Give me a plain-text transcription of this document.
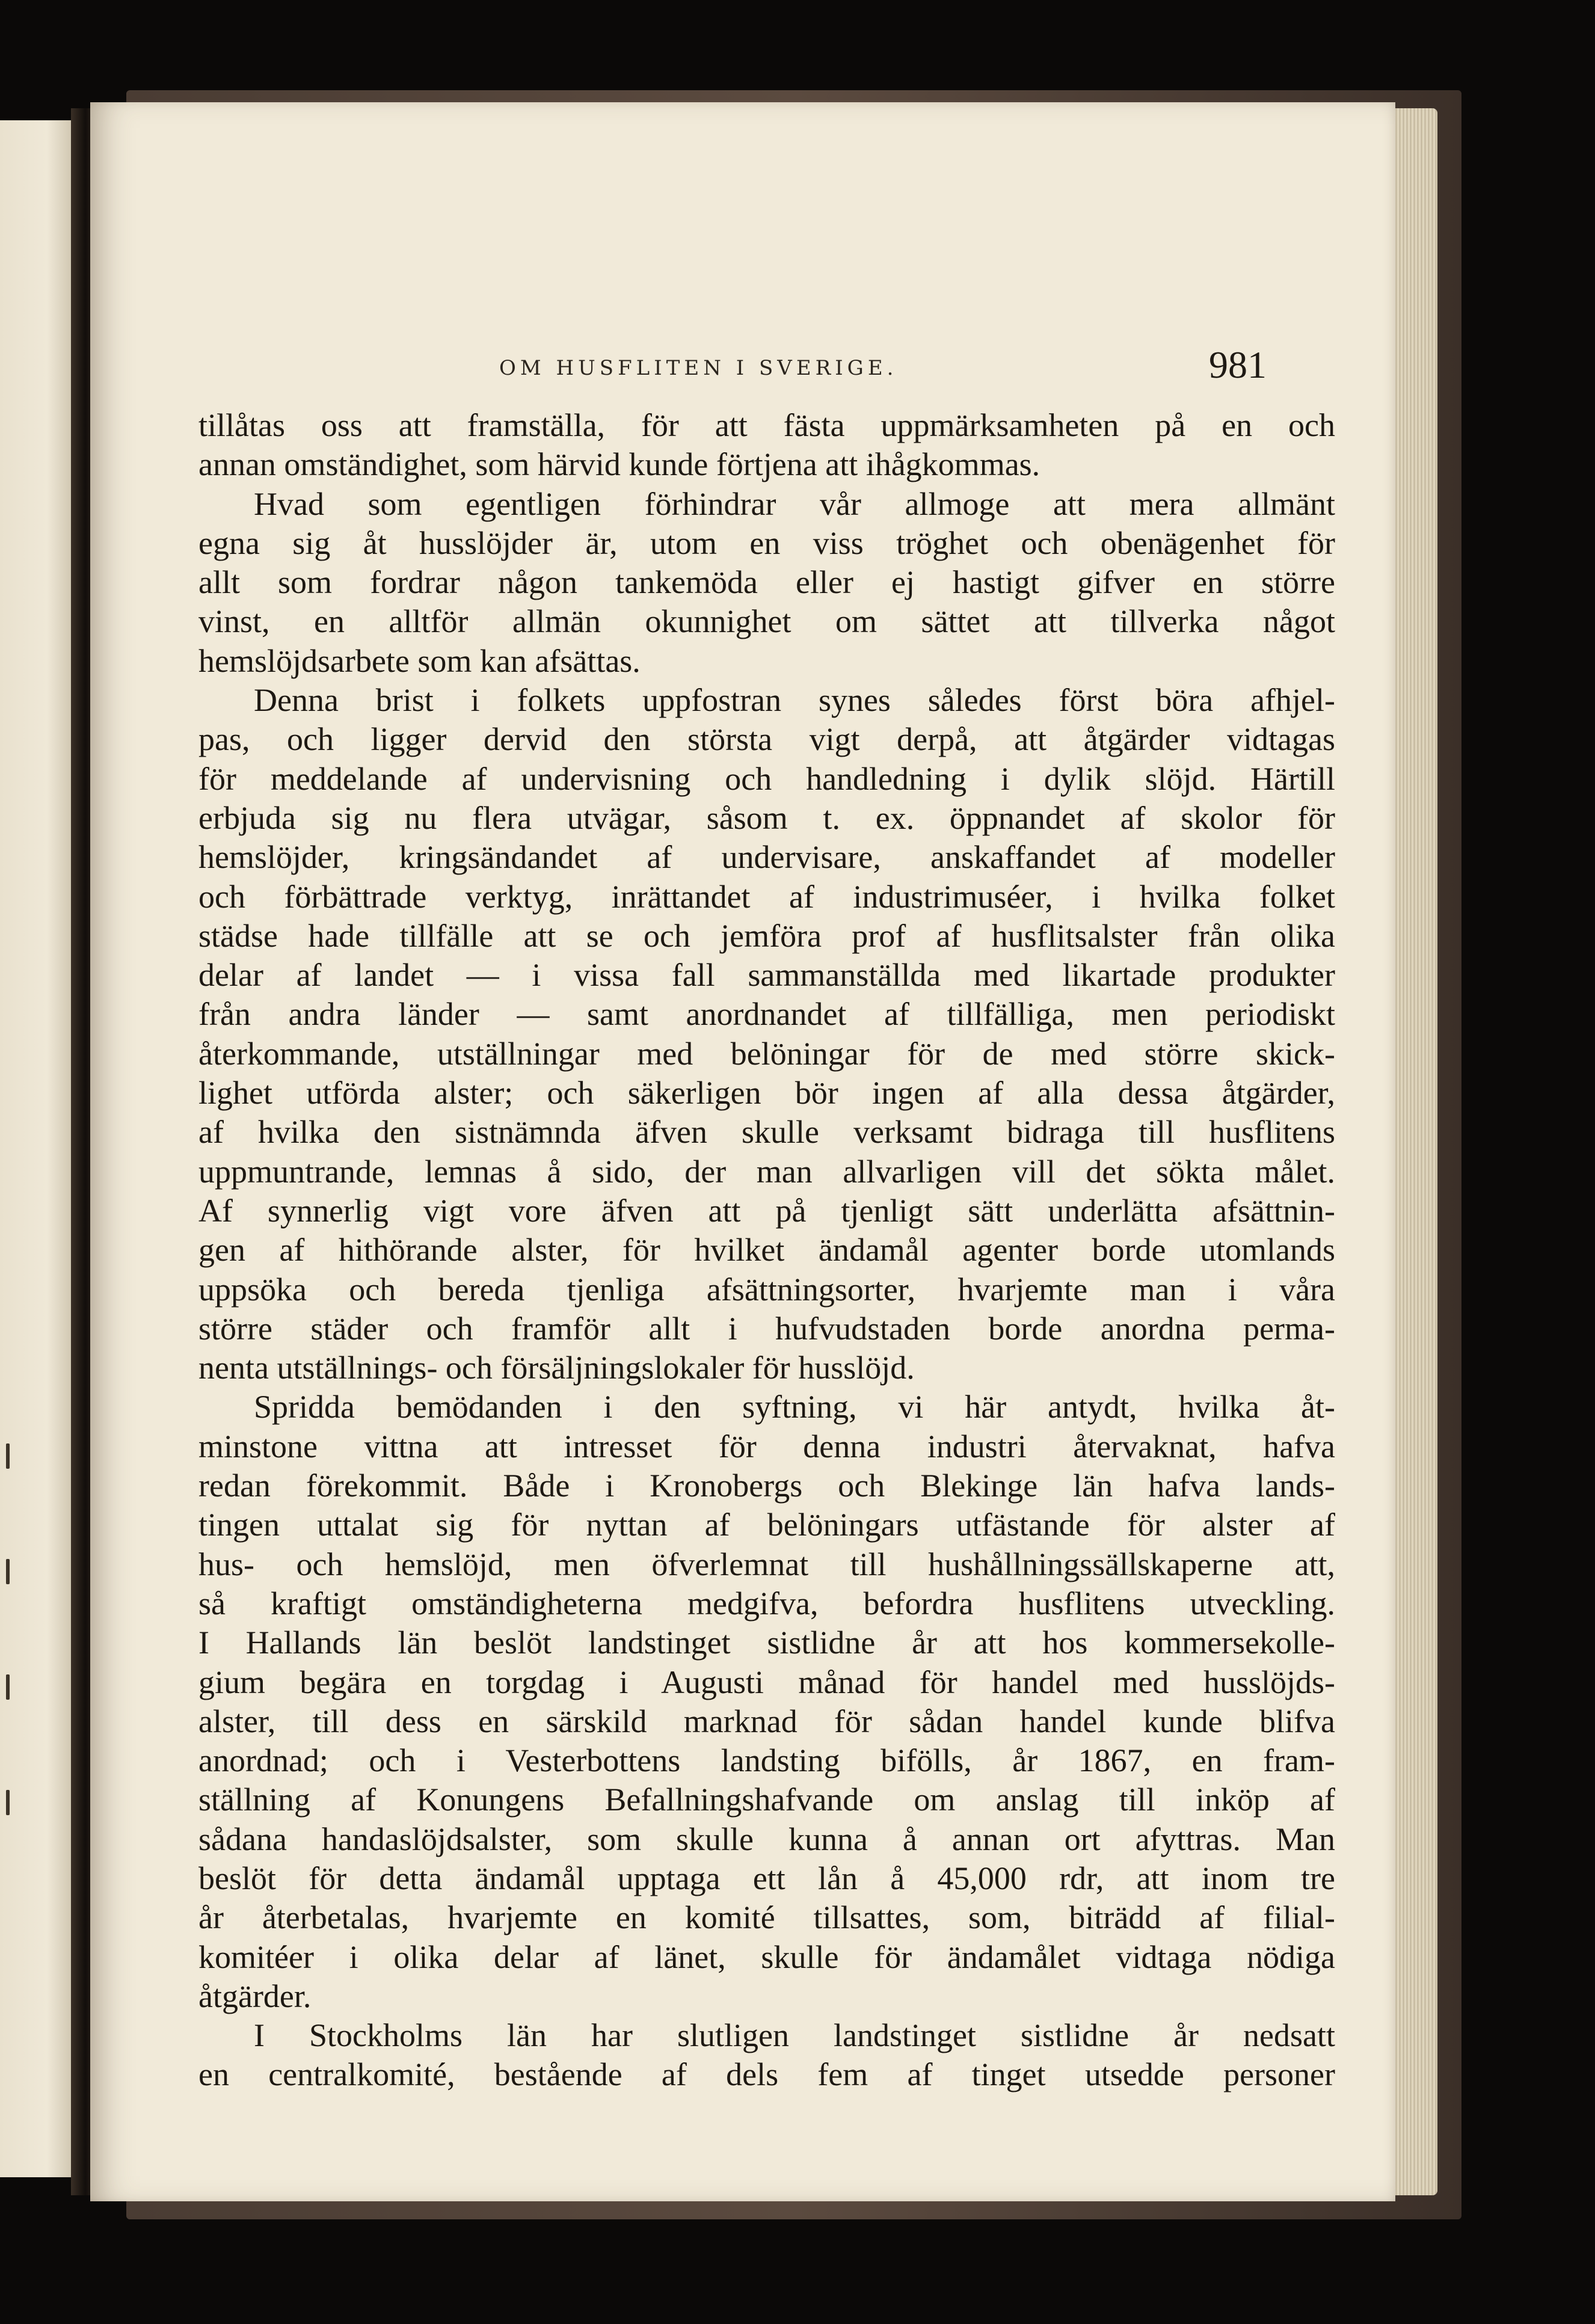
OM HUSFLITEN I SVERIGE.	981
tillåtas oss att framställa, för att fästa uppmärksamheten på en och
annan omständighet, som härvid kunde förtjena att ihågkommas.
Hvad som egentligen förhindrar vår allmoge att mera allmänt
egna sig åt husslöjder är, utom en viss tröghet och obenägenhet för
allt som fordrar någon tankemöda eller ej hastigt gifver en större
vinst, en alltför allmän okunnighet om sättet att tillverka något
hemslöjdsarbete som kan afsättas.
Denna brist i folkets uppfostran synes således först böra afhjel-
pas, och ligger dervid den största vigt derpå, att åtgärder vidtagas
för meddelande af undervisning och handledning i dylik slöjd. Härtill
erbjuda sig nu flera utvägar, såsom t. ex. öppnandet af skolor för
hemslöjder, kringsändandet af undervisare, anskaffandet af modeller
och förbättrade verktyg, inrättandet af industrimuséer, i hvilka folket
städse hade tillfälle att se och jemföra prof af husflitsalster från olika
delar af landet — i vissa fall sammanställda med likartade produkter
från andra länder — samt anordnandet af tillfälliga, men periodiskt
återkommande, utställningar med belöningar för de med större skick-
lighet utförda alster; och säkerligen bör ingen af alla dessa åtgärder,
af hvilka den sistnämnda äfven skulle verksamt bidraga till husflitens
uppmuntrande, lemnas å sido, der man allvarligen vill det sökta målet.
Af synnerlig vigt vore äfven att på tjenligt sätt underlätta afsättnin-
gen af hithörande alster, för hvilket ändamål agenter borde utomlands
uppsöka och bereda tjenliga afsättningsorter, hvarjemte man i våra
större städer och framför allt i hufvudstaden borde anordna perma-
nenta utställnings- och försäljningslokaler för husslöjd.
Spridda bemödanden i den syftning, vi här antydt, hvilka åt-
minstone vittna att intresset för denna industri återvaknat, hafva
redan förekommit. Både i Kronobergs och Blekinge län hafva lands-
tingen uttalat sig för nyttan af belöningars utfästande för alster af
hus- och hemslöjd, men öfverlemnat till hushållningssällskaperne att,
så kraftigt omständigheterna medgifva, befordra husflitens utveckling.
I Hallands län beslöt landstinget sistlidne år att hos kommersekolle-
gium begära en torgdag i Augusti månad för handel med husslöjds-
alster, till dess en särskild marknad för sådan handel kunde blifva
anordnad; och i Vesterbottens landsting bifölls, år 1867, en fram-
ställning af Konungens Befallningshafvande om anslag till inköp af
sådana handaslöjdsalster, som skulle kunna å annan ort afyttras. Man
beslöt för detta ändamål upptaga ett lån å 45,000 rdr, att inom tre
år återbetalas, hvarjemte en komité tillsattes, som, biträdd af filial-
komitéer i olika delar af länet, skulle för ändamålet vidtaga nödiga
åtgärder.
I Stockholms län har slutligen landstinget sistlidne år nedsatt
en centralkomité, bestående af dels fem af tinget utsedde personer
